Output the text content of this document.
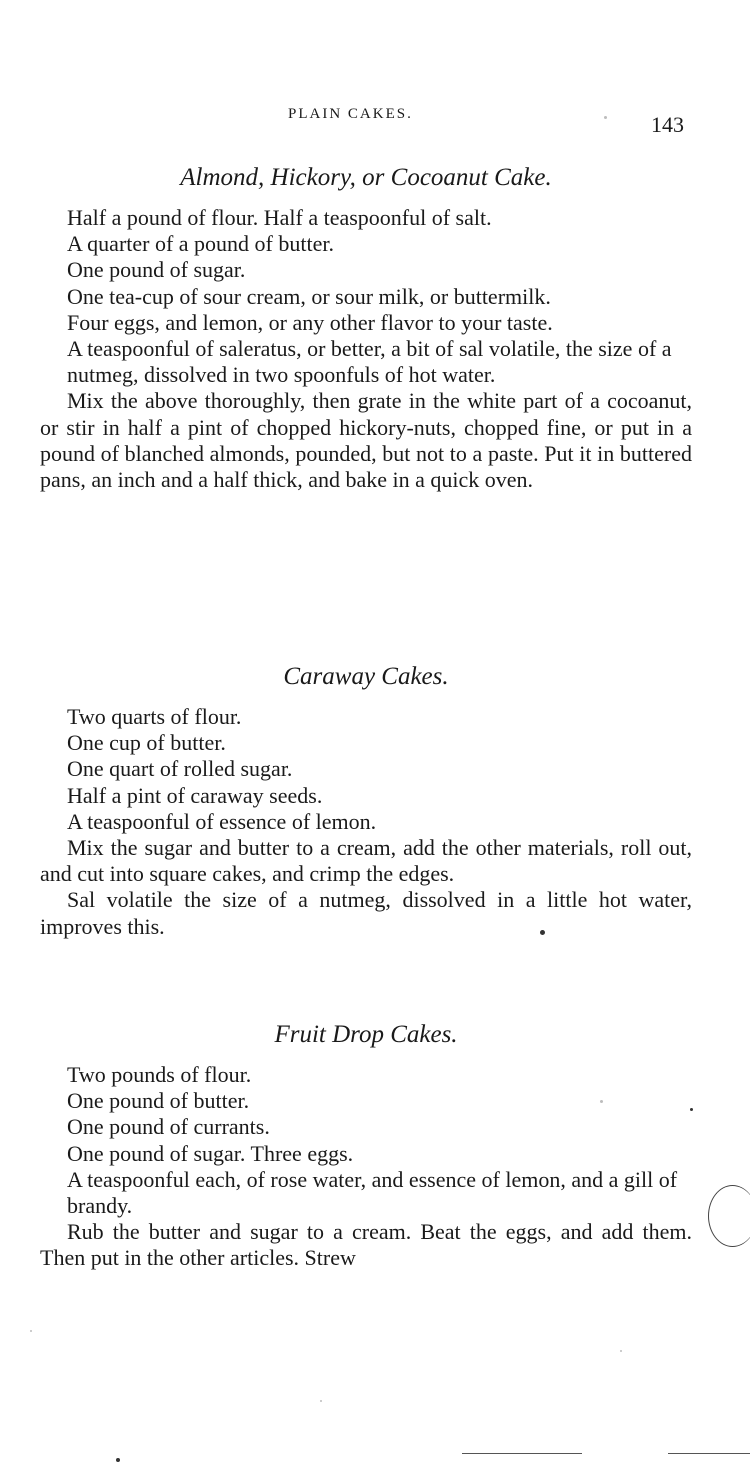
PLAIN CAKES.	143
Almond, Hickory, or Cocoanut Cake.
Half a pound of flour. Half a teaspoonful of salt.
A quarter of a pound of butter.
One pound of sugar.
One tea-cup of sour cream, or sour milk, or buttermilk.
Four eggs, and lemon, or any other flavor to your taste.
A teaspoonful of saleratus, or better, a bit of sal volatile, the size of a nutmeg, dissolved in two spoonfuls of hot water.

Mix the above thoroughly, then grate in the white part of a cocoanut, or stir in half a pint of chopped hickory-nuts, chopped fine, or put in a pound of blanched almonds, pounded, but not to a paste. Put it in buttered pans, an inch and a half thick, and bake in a quick oven.

Caraway Cakes.
Two quarts of flour.
One cup of butter.
One quart of rolled sugar.
Half a pint of caraway seeds.
A teaspoonful of essence of lemon.

Mix the sugar and butter to a cream, add the other materials, roll out, and cut into square cakes, and crimp the edges.

Sal volatile the size of a nutmeg, dissolved in a little hot water, improves this.

Fruit Drop Cakes.
Two pounds of flour.
One pound of butter.
One pound of currants.
One pound of sugar. Three eggs.
A teaspoonful each, of rose water, and essence of lemon, and a gill of brandy.

Rub the butter and sugar to a cream. Beat the eggs, and add them. Then put in the other articles. Strew
